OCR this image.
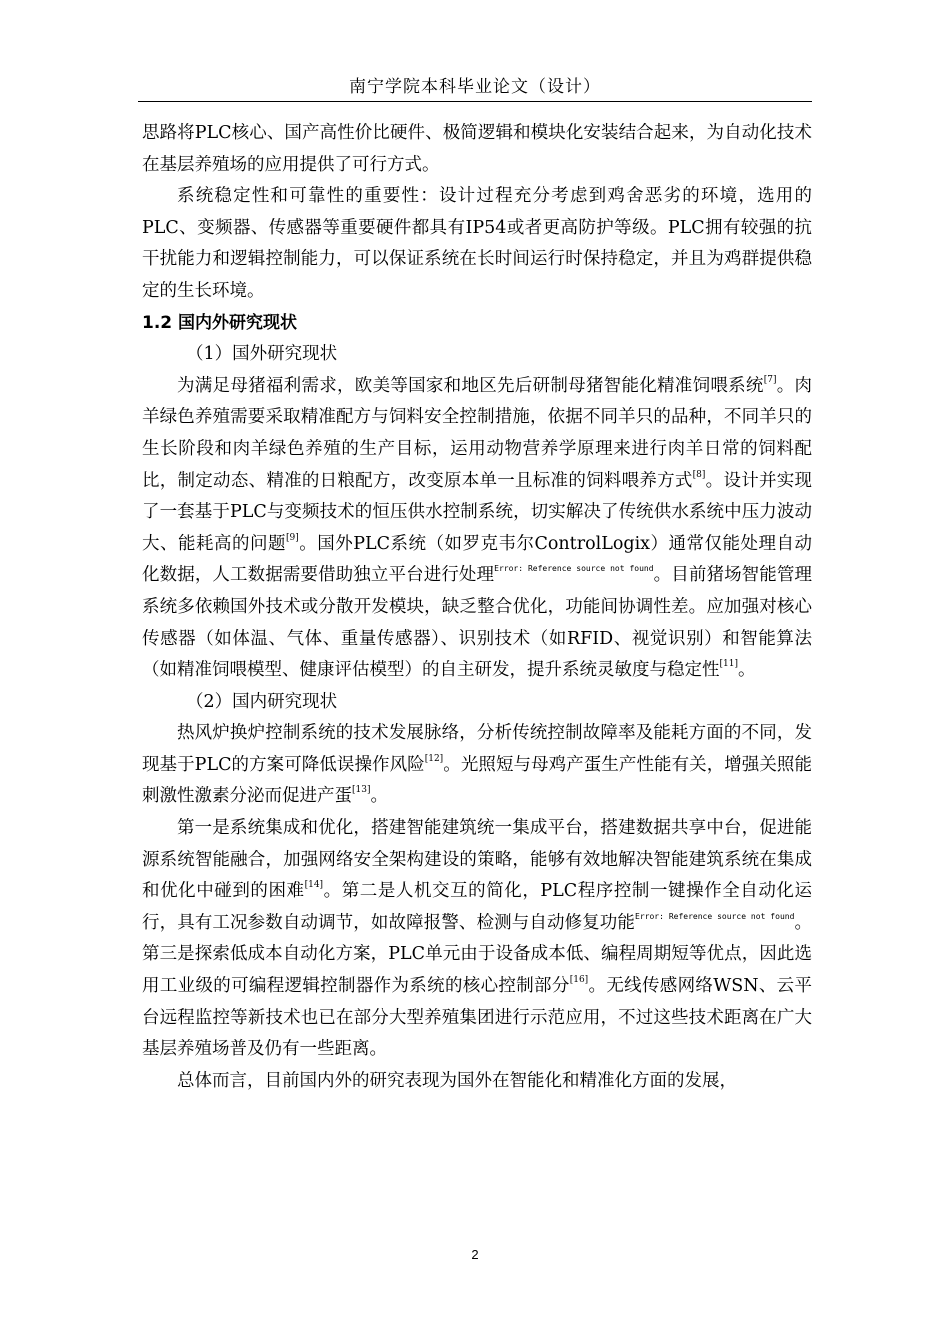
南宁学院本科毕业论文（设计）

思路将PLC核心、国产高性价比硬件、极简逻辑和模块化安装结合起来，为自动化技术在基层养殖场的应用提供了可行方式。

系统稳定性和可靠性的重要性：设计过程充分考虑到鸡舍恶劣的环境，选用的PLC、变频器、传感器等重要硬件都具有IP54或者更高防护等级。PLC拥有较强的抗干扰能力和逻辑控制能力，可以保证系统在长时间运行时保持稳定，并且为鸡群提供稳定的生长环境。

1.2 国内外研究现状

（1）国外研究现状

为满足母猪福利需求，欧美等国家和地区先后研制母猪智能化精准饲喂系统[7]。肉羊绿色养殖需要采取精准配方与饲料安全控制措施，依据不同羊只的品种，不同羊只的生长阶段和肉羊绿色养殖的生产目标，运用动物营养学原理来进行肉羊日常的饲料配比，制定动态、精准的日粮配方，改变原本单一且标准的饲料喂养方式[8]。设计并实现了一套基于PLC与变频技术的恒压供水控制系统，切实解决了传统供水系统中压力波动大、能耗高的问题[9]。国外PLC系统（如罗克韦尔ControlLogix）通常仅能处理自动化数据，人工数据需要借助独立平台进行处理$^{Error: Reference source not found}$。目前猪场智能管理系统多依赖国外技术或分散开发模块，缺乏整合优化，功能间协调性差。应加强对核心传感器（如体温、气体、重量传感器）、识别技术（如RFID、视觉识别）和智能算法（如精准饲喂模型、健康评估模型）的自主研发，提升系统灵敏度与稳定性[11]。

（2）国内研究现状

热风炉换炉控制系统的技术发展脉络，分析传统控制故障率及能耗方面的不同，发现基于PLC的方案可降低误操作风险[12]。光照短与母鸡产蛋生产性能有关，增强关照能刺激性激素分泌而促进产蛋[13]。

第一是系统集成和优化，搭建智能建筑统一集成平台，搭建数据共享中台，促进能源系统智能融合，加强网络安全架构建设的策略，能够有效地解决智能建筑系统在集成和优化中碰到的困难[14]。第二是人机交互的简化，PLC程序控制一键操作全自动化运行，具有工况参数自动调节，如故障报警、检测与自动修复功能$^{Error: Reference source not found}$。第三是探索低成本自动化方案，PLC单元由于设备成本低、编程周期短等优点，因此选用工业级的可编程逻辑控制器作为系统的核心控制部分[16]。无线传感网络WSN、云平台远程监控等新技术也已在部分大型养殖集团进行示范应用，不过这些技术距离在广大基层养殖场普及仍有一些距离。

总体而言，目前国内外的研究表现为国外在智能化和精准化方面的发展，

2
